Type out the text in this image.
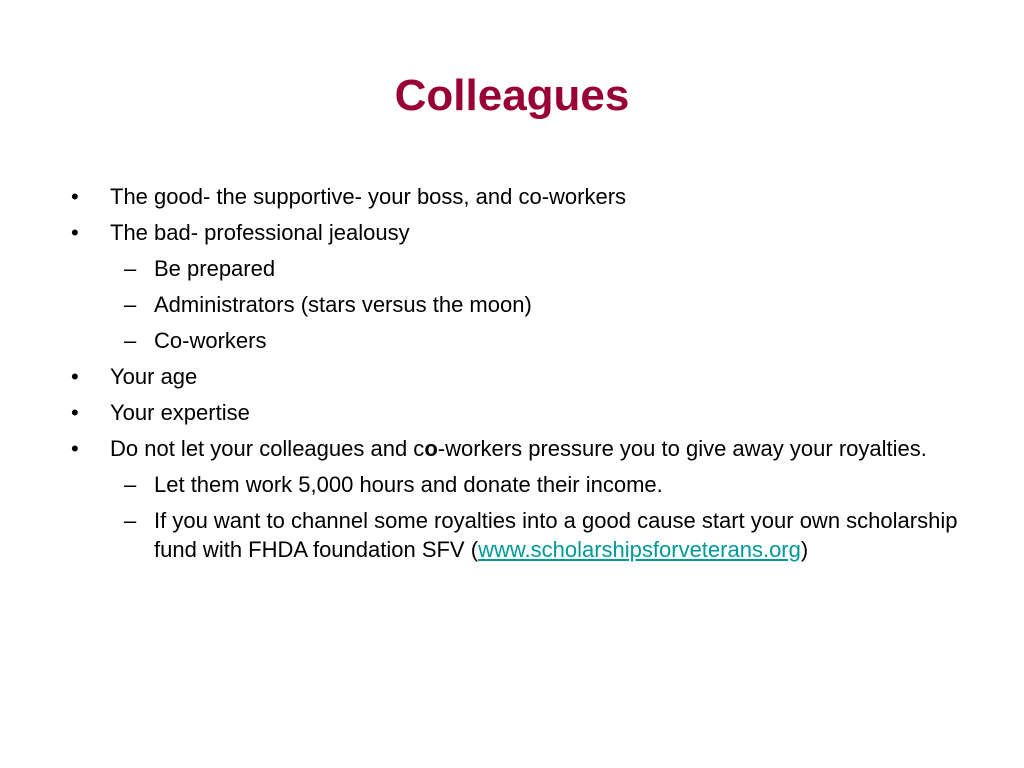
Colleagues
• The good- the supportive- your boss, and co-workers
• The bad- professional jealousy
– Be prepared
– Administrators (stars versus the moon)
– Co-workers
• Your age
• Your expertise
• Do not let your colleagues and co-workers pressure you to give away your royalties.
– Let them work 5,000 hours and donate their income.
– If you want to channel some royalties into a good cause start your own scholarship fund with FHDA foundation SFV (www.scholarshipsforveterans.org)
